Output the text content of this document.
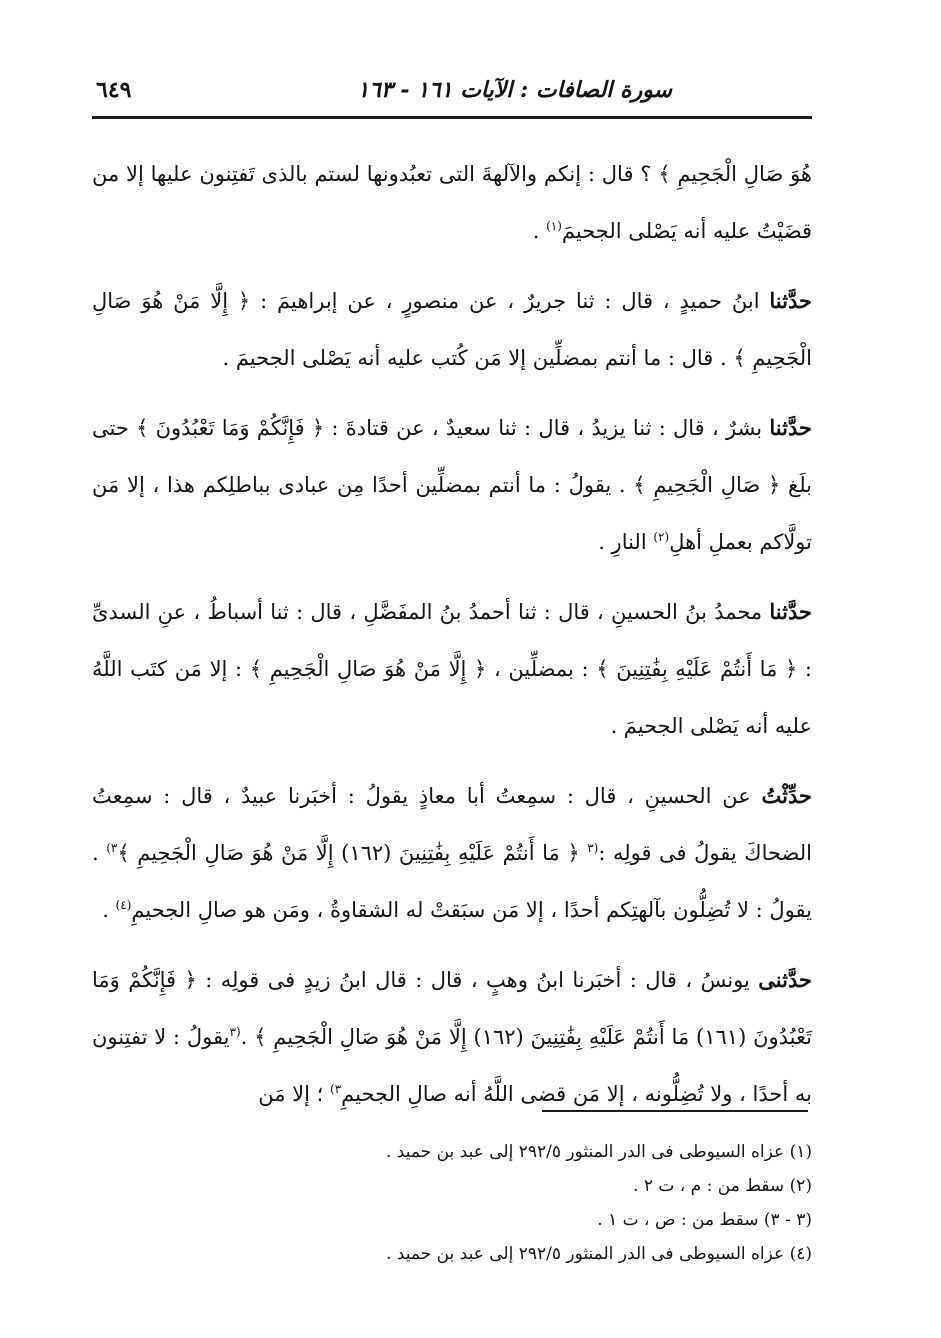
٦٤٩	سورة الصافات : الآيات ١٦١ - ١٦٣

هُوَ صَالِ الْجَحِيمِ ﴾ ؟ قال : إنكم والآلهةَ التى تعبُدونها لستم بالذى تَفتِنون عليها إلا من قضَيْتُ عليه أنه يَصْلى الجحيمَ$^{(١)}$ .

حدَّثنا ابنُ حميدٍ ، قال : ثنا جريرٌ ، عن منصورٍ ، عن إبراهيمَ : ﴿ إِلَّا مَنْ هُوَ صَالِ الْجَحِيمِ ﴾ . قال : ما أنتم بمضلِّين إلا مَن كُتب عليه أنه يَصْلى الجحيمَ .

حدَّثنا بشرٌ ، قال : ثنا يزيدُ ، قال : ثنا سعيدٌ ، عن قتادةَ : ﴿ فَإِنَّكُمْ وَمَا تَعْبُدُونَ ﴾ حتى بلَغ ﴿ صَالِ الْجَحِيمِ ﴾ . يقولُ : ما أنتم بمضلِّين أحدًا مِن عبادى بباطلِكم هذا ، إلا مَن تولَّاكم بعملِ أهلِ$^{(٢)}$ النارِ .

حدَّثنا محمدُ بنُ الحسينِ ، قال : ثنا أحمدُ بنُ المفَضَّلِ ، قال : ثنا أسباطُ ، عنِ السدىِّ : ﴿ مَا أَنتُمْ عَلَيْهِ بِفَٰتِنِينَ ﴾ : بمضلِّين ، ﴿ إِلَّا مَنْ هُوَ صَالِ الْجَحِيمِ ﴾ : إلا مَن كتَب اللَّهُ عليه أنه يَصْلى الجحيمَ .

حدِّثْتُ عن الحسينِ ، قال : سمِعتُ أبا معاذٍ يقولُ : أخبَرنا عبيدٌ ، قال : سمِعتُ الضحاكَ يقولُ فى قولِه :$^{(٣}$ ﴿ مَا أَنتُمْ عَلَيْهِ بِفَٰتِنِينَ (١٦٢) إِلَّا مَنْ هُوَ صَالِ الْجَحِيمِ ﴾$^{٣)}$ . يقولُ : لا تُضِلُّون بآلهتِكم أحدًا ، إلا مَن سبَقتْ له الشقاوةُ ، ومَن هو صالِ الجحيمِ$^{(٤)}$ .

حدَّثنى يونسُ ، قال : أخبَرنا ابنُ وهبٍ ، قال : قال ابنُ زيدٍ فى قولِه : ﴿ فَإِنَّكُمْ وَمَا تَعْبُدُونَ (١٦١) مَا أَنتُمْ عَلَيْهِ بِفَٰتِنِينَ (١٦٢) إِلَّا مَنْ هُوَ صَالِ الْجَحِيمِ ﴾ .$^{(٣}$يقولُ : لا تفتِنون به أحدًا ، ولا تُضِلُّونه ، إلا مَن قضى اللَّهُ أنه صالِ الجحيمِ$^{٣)}$ ؛ إلا مَن

(١) عزاه السيوطى فى الدر المنثور ٢٩٢/٥ إلى عبد بن حميد .

(٢) سقط من : م ، ت ٢ .

(٣ - ٣) سقط من : ص ، ت ١ .

(٤) عزاه السيوطى فى الدر المنثور ٢٩٢/٥ إلى عبد بن حميد .
